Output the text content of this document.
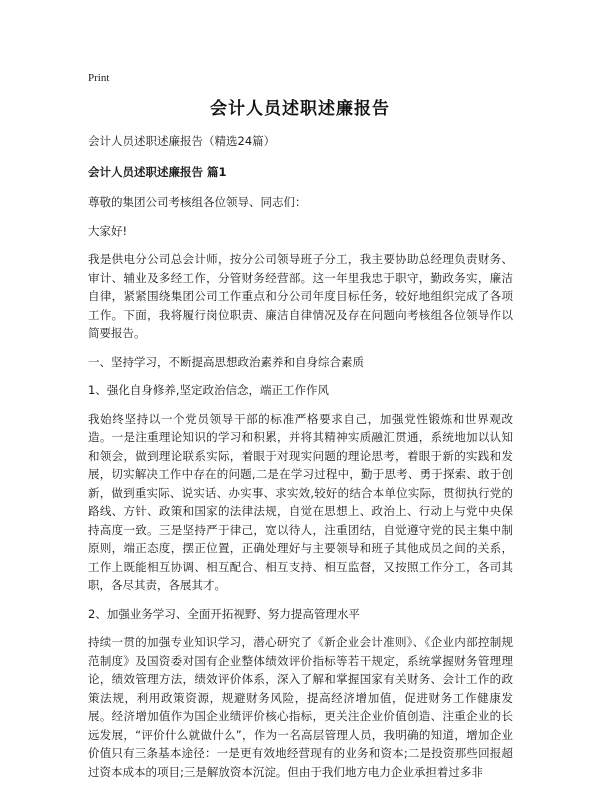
Print
会计人员述职述廉报告

会计人员述职述廉报告（精选24篇）

会计人员述职述廉报告 篇1

尊敬的集团公司考核组各位领导、同志们：

大家好!

我是供电分公司总会计师，按分公司领导班子分工，我主要协助总经理负责财务、审计、辅业及多经工作，分管财务经营部。这一年里我忠于职守，勤政务实，廉洁自律，紧紧围绕集团公司工作重点和分公司年度目标任务，较好地组织完成了各项工作。下面，我将履行岗位职责、廉洁自律情况及存在问题向考核组各位领导作以简要报告。

一、坚持学习，不断提高思想政治素养和自身综合素质

1、强化自身修养,坚定政治信念，端正工作作风

我始终坚持以一个党员领导干部的标准严格要求自己，加强党性锻炼和世界观改造。一是注重理论知识的学习和积累，并将其精神实质融汇贯通，系统地加以认知和领会，做到理论联系实际，着眼于对现实问题的理论思考，着眼于新的实践和发展，切实解决工作中存在的问题,二是在学习过程中，勤于思考、勇于探索、敢于创新，做到重实际、说实话、办实事、求实效,较好的结合本单位实际，贯彻执行党的路线、方针、政策和国家的法律法规，自觉在思想上、政治上、行动上与党中央保持高度一致。三是坚持严于律己，宽以待人，注重团结，自觉遵守党的民主集中制原则，端正态度，摆正位置，正确处理好与主要领导和班子其他成员之间的关系，工作上既能相互协调、相互配合、相互支持、相互监督，又按照工作分工，各司其职，各尽其责，各展其才。

2、加强业务学习、全面开拓视野、努力提高管理水平

持续一贯的加强专业知识学习，潜心研究了《新企业会计准则》、《企业内部控制规范制度》及国资委对国有企业整体绩效评价指标等若干规定，系统掌握财务管理理论，绩效管理方法，绩效评价体系，深入了解和掌握国家有关财务、会计工作的政策法规，利用政策资源，规避财务风险，提高经济增加值，促进财务工作健康发展。经济增加值作为国企业绩评价核心指标，更关注企业价值创造、注重企业的长远发展，“评价什么就做什么”，作为一名高层管理人员，我明确的知道，增加企业价值只有三条基本途径：一是更有效地经营现有的业务和资本;二是投资那些回报超过资本成本的项目;三是解放资本沉淀。但由于我们地方电力企业承担着过多非
